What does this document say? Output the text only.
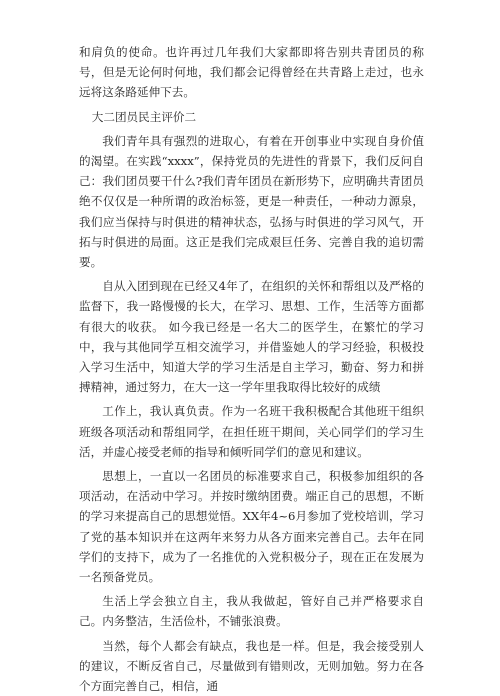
和肩负的使命。也许再过几年我们大家都即将告别共青团员的称号，但是无论何时何地，我们都会记得曾经在共青路上走过，也永远将这条路延伸下去。

大二团员民主评价二

我们青年具有强烈的进取心，有着在开创事业中实现自身价值的渴望。在实践“xxxx”，保持党员的先进性的背景下，我们反问自己：我们团员要干什么?我们青年团员在新形势下，应明确共青团员绝不仅仅是一种所谓的政治标签，更是一种责任，一种动力源泉，我们应当保持与时俱进的精神状态，弘扬与时俱进的学习风气，开拓与时俱进的局面。这正是我们完成艰巨任务、完善自我的追切需要。

自从入团到现在已经又4年了，在组织的关怀和帮组以及严格的监督下，我一路慢慢的长大，在学习、思想、工作，生活等方面都有很大的收获。 如今我已经是一名大二的医学生，在繁忙的学习中，我与其他同学互相交流学习，并借鉴她人的学习经验，积极投入学习生活中，知道大学的学习生活是自主学习，勤奋、努力和拼搏精神，通过努力，在大一这一学年里我取得比较好的成绩

工作上，我认真负责。作为一名班干我积极配合其他班干组织班级各项活动和帮组同学，在担任班干期间，关心同学们的学习生活，并虚心接受老师的指导和倾听同学们的意见和建议。

思想上，一直以一名团员的标准要求自己，积极参加组织的各项活动，在活动中学习。并按时缴纳团费。端正自己的思想，不断的学习来提高自己的思想觉悟。XX年4~6月参加了党校培训，学习了党的基本知识并在这两年来努力从各方面来完善自己。去年在同学们的支持下，成为了一名推优的入党积极分子，现在正在发展为一名预备党员。

生活上学会独立自主，我从我做起，管好自己并严格要求自己。内务整洁，生活俭朴，不铺张浪费。

当然，每个人都会有缺点，我也是一样。但是，我会接受别人的建议，不断反省自己，尽量做到有错则改，无则加勉。努力在各个方面完善自己，相信，通
